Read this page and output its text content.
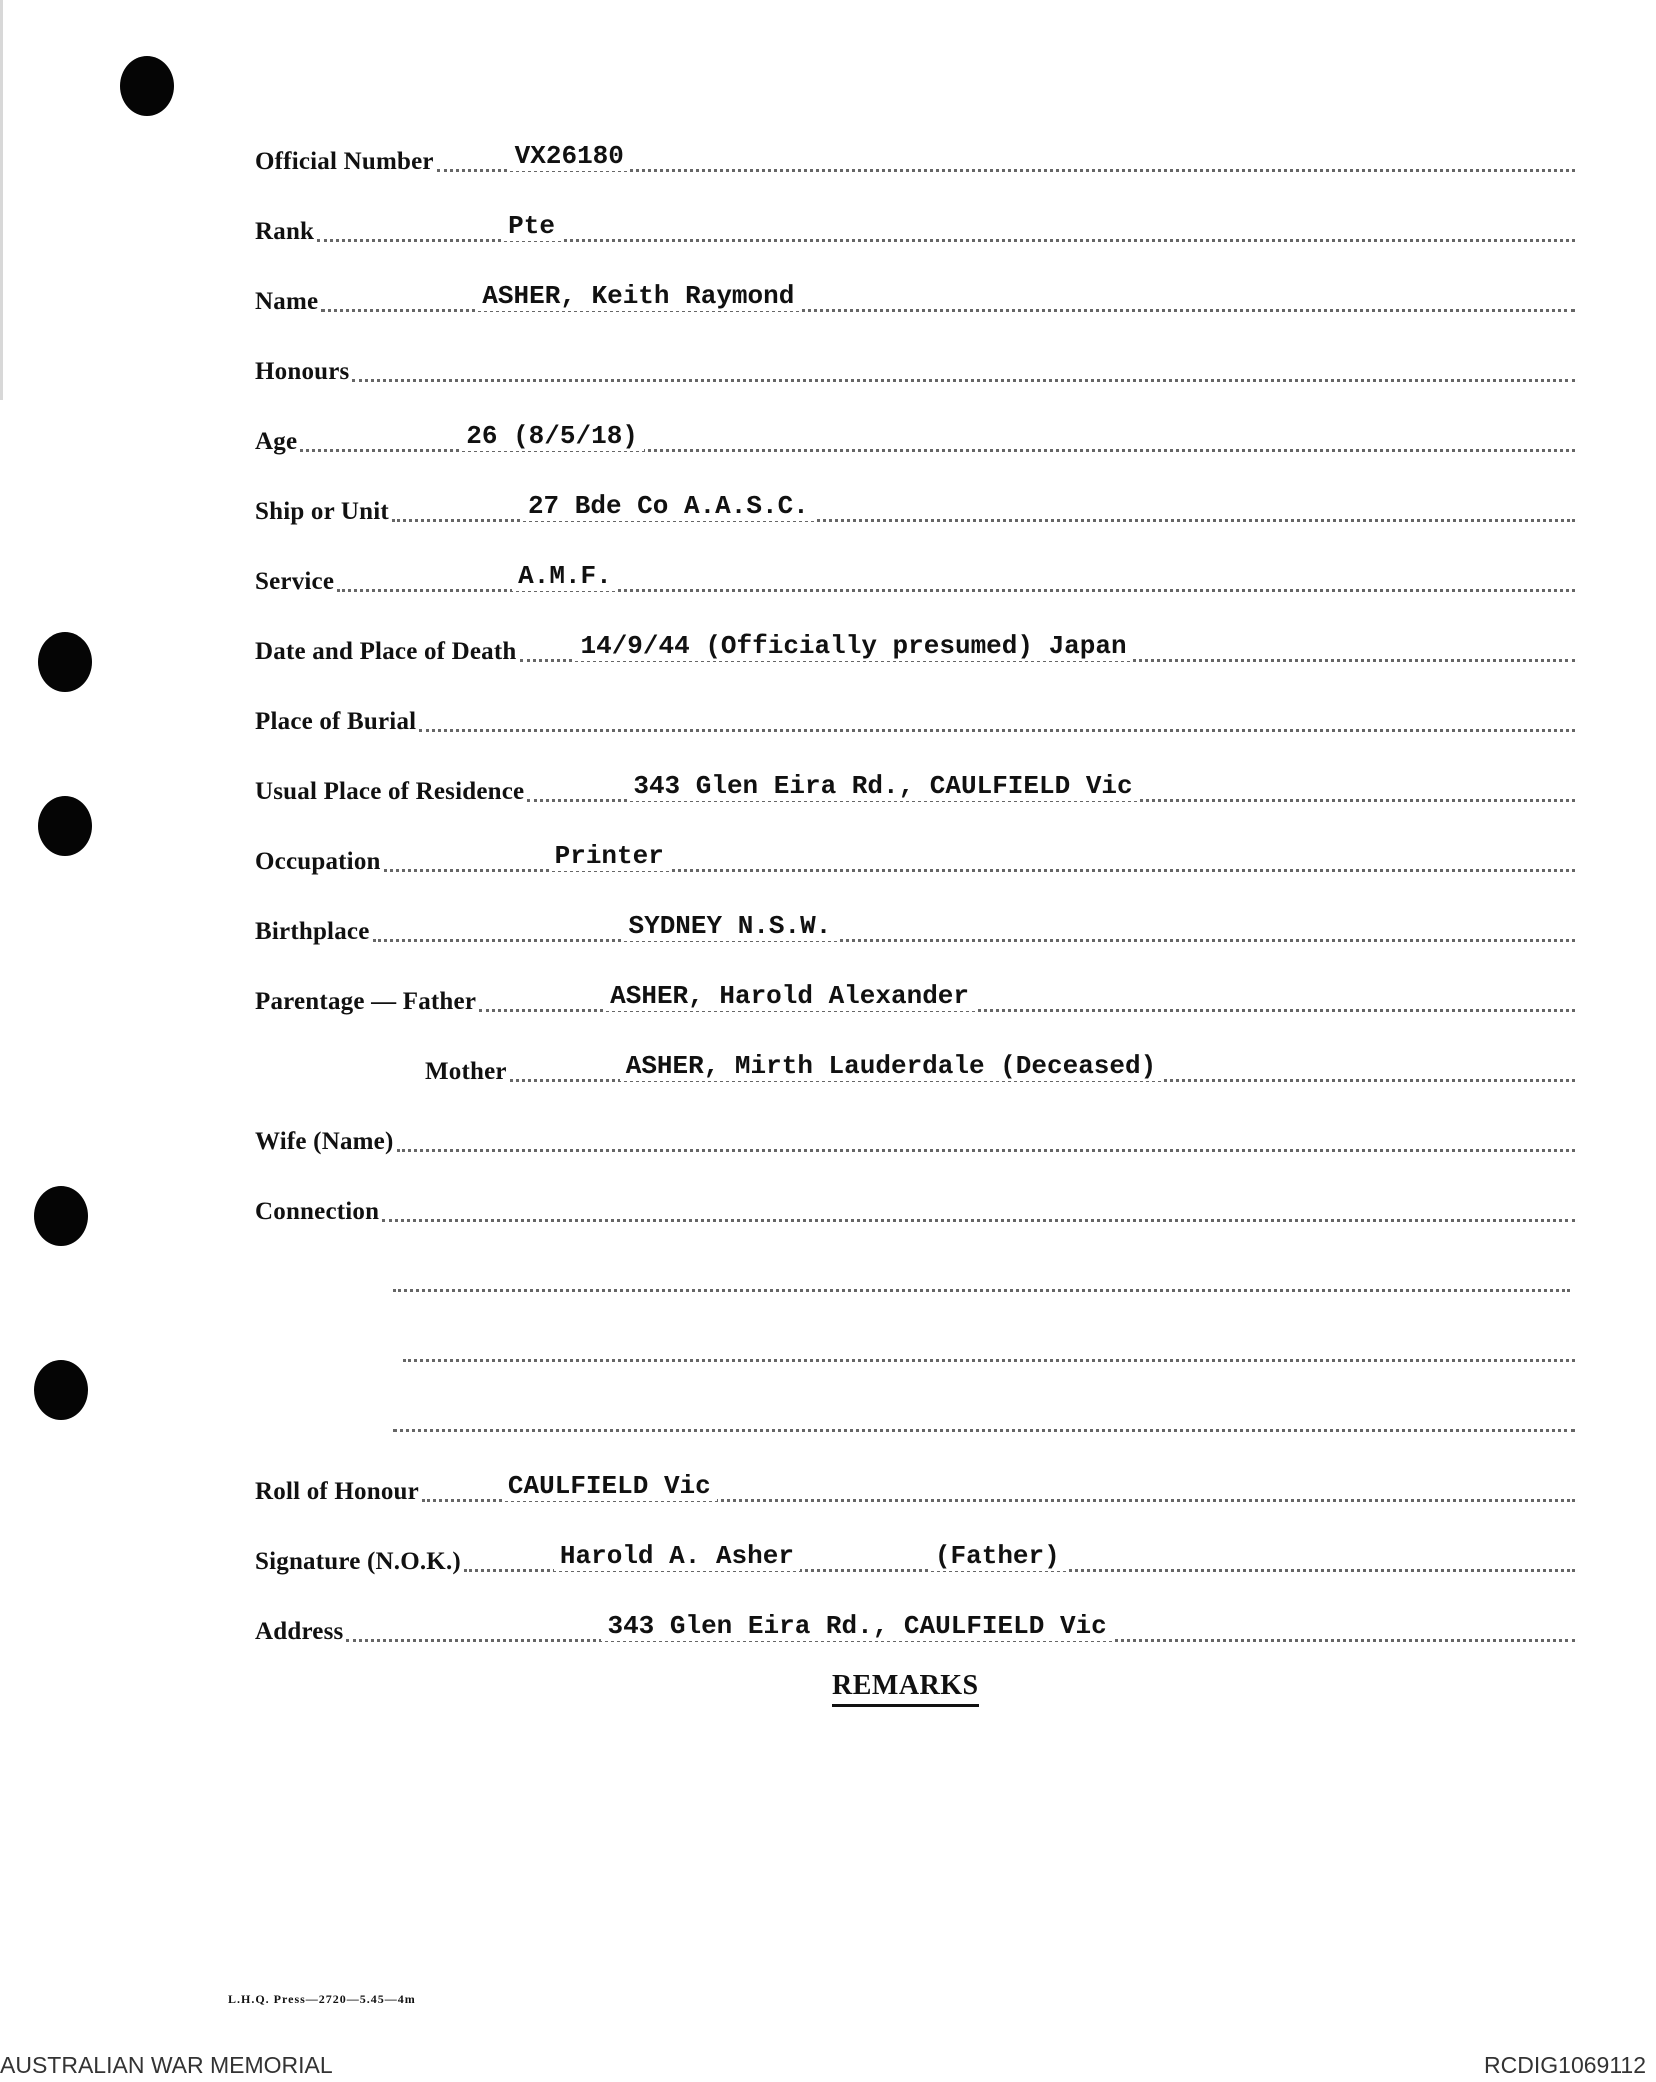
Official Number	VX26180
Rank	Pte
Name	ASHER, Keith Raymond
Honours
Age	26 (8/5/18)
Ship or Unit	27 Bde Co A.A.S.C.
Service	A.M.F.
Date and Place of Death 14/9/44 (Officially presumed) Japan
Place of Burial
Usual Place of Residence	343 Glen Eira Rd., CAULFIELD Vic
Occupation	Printer
Birthplace	SYDNEY N.S.W.
Parentage — Father	ASHER, Harold Alexander
Mother	ASHER, Mirth Lauderdale (Deceased)
Wife (Name)
Connection
Roll of Honour	CAULFIELD Vic
Signature (N.O.K.)	Harold A. Asher	(Father)
Address	343 Glen Eira Rd., CAULFIELD Vic
REMARKS
L.H.Q. Press—2720—5.45—4m
AUSTRALIAN WAR MEMORIAL	RCDIG1069112
